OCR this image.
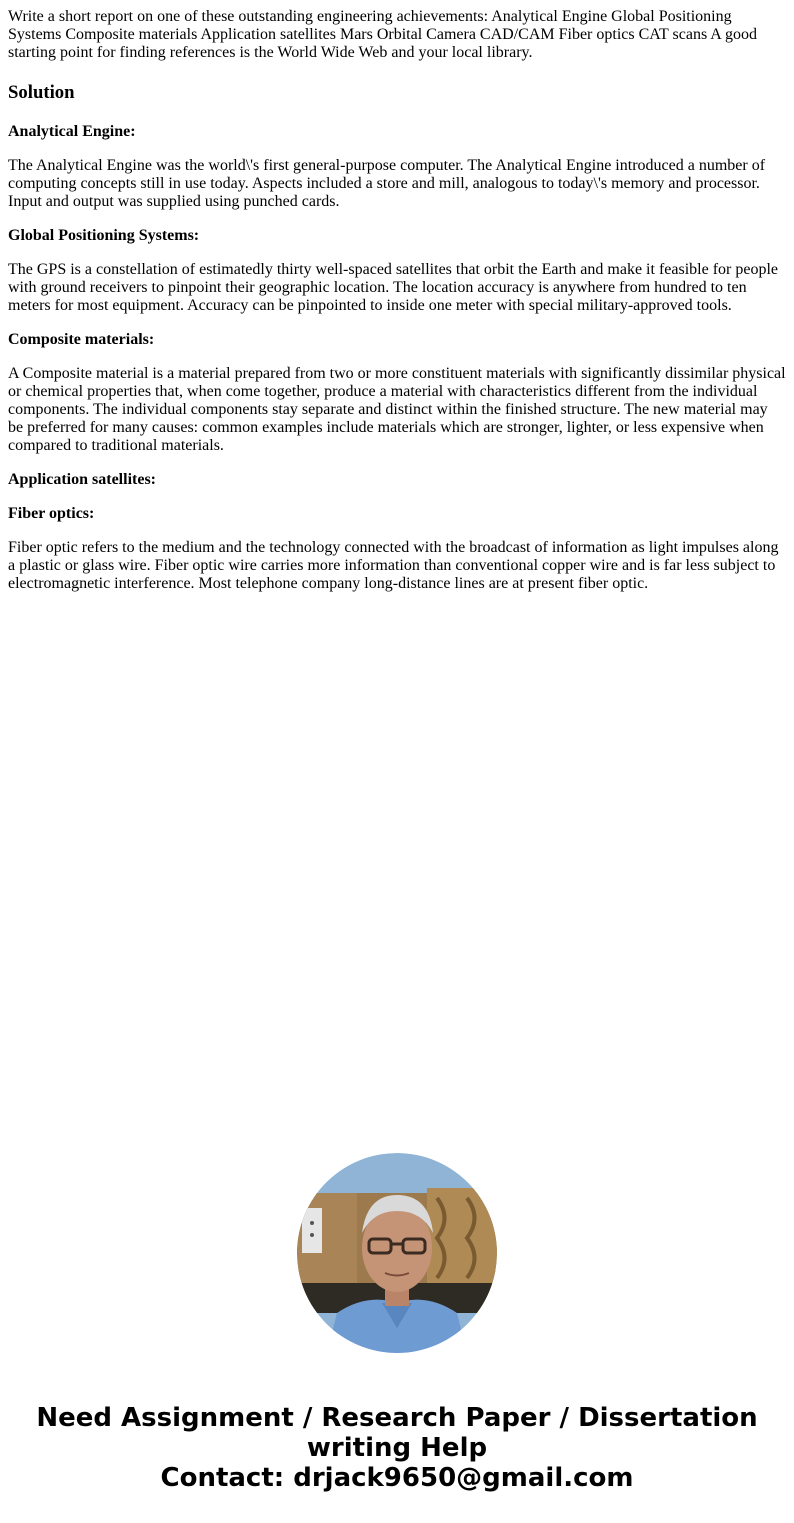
Write a short report on one of these outstanding engineering achievements: Analytical Engine Global Positioning Systems Composite materials Application satellites Mars Orbital Camera CAD/CAM Fiber optics CAT scans A good starting point for finding references is the World Wide Web and your local library.

Solution

Analytical Engine:

The Analytical Engine was the world\'s first general-purpose computer. The Analytical Engine introduced a number of computing concepts still in use today. Aspects included a store and mill, analogous to today\'s memory and processor. Input and output was supplied using punched cards.

Global Positioning Systems:

The GPS is a constellation of estimatedly thirty well-spaced satellites that orbit the Earth and make it feasible for people with ground receivers to pinpoint their geographic location. The location accuracy is anywhere from hundred to ten meters for most equipment. Accuracy can be pinpointed to inside one meter with special military-approved tools.

Composite materials:

A Composite material is a material prepared from two or more constituent materials with significantly dissimilar physical or chemical properties that, when come together, produce a material with characteristics different from the individual components. The individual components stay separate and distinct within the finished structure. The new material may be preferred for many causes: common examples include materials which are stronger, lighter, or less expensive when compared to traditional materials.

Application satellites:

Fiber optics:

Fiber optic refers to the medium and the technology connected with the broadcast of information as light impulses along a plastic or glass wire. Fiber optic wire carries more information than conventional copper wire and is far less subject to electromagnetic interference. Most telephone company long-distance lines are at present fiber optic.

Need Assignment / Research Paper / Dissertation writing Help
Contact: drjack9650@gmail.com
